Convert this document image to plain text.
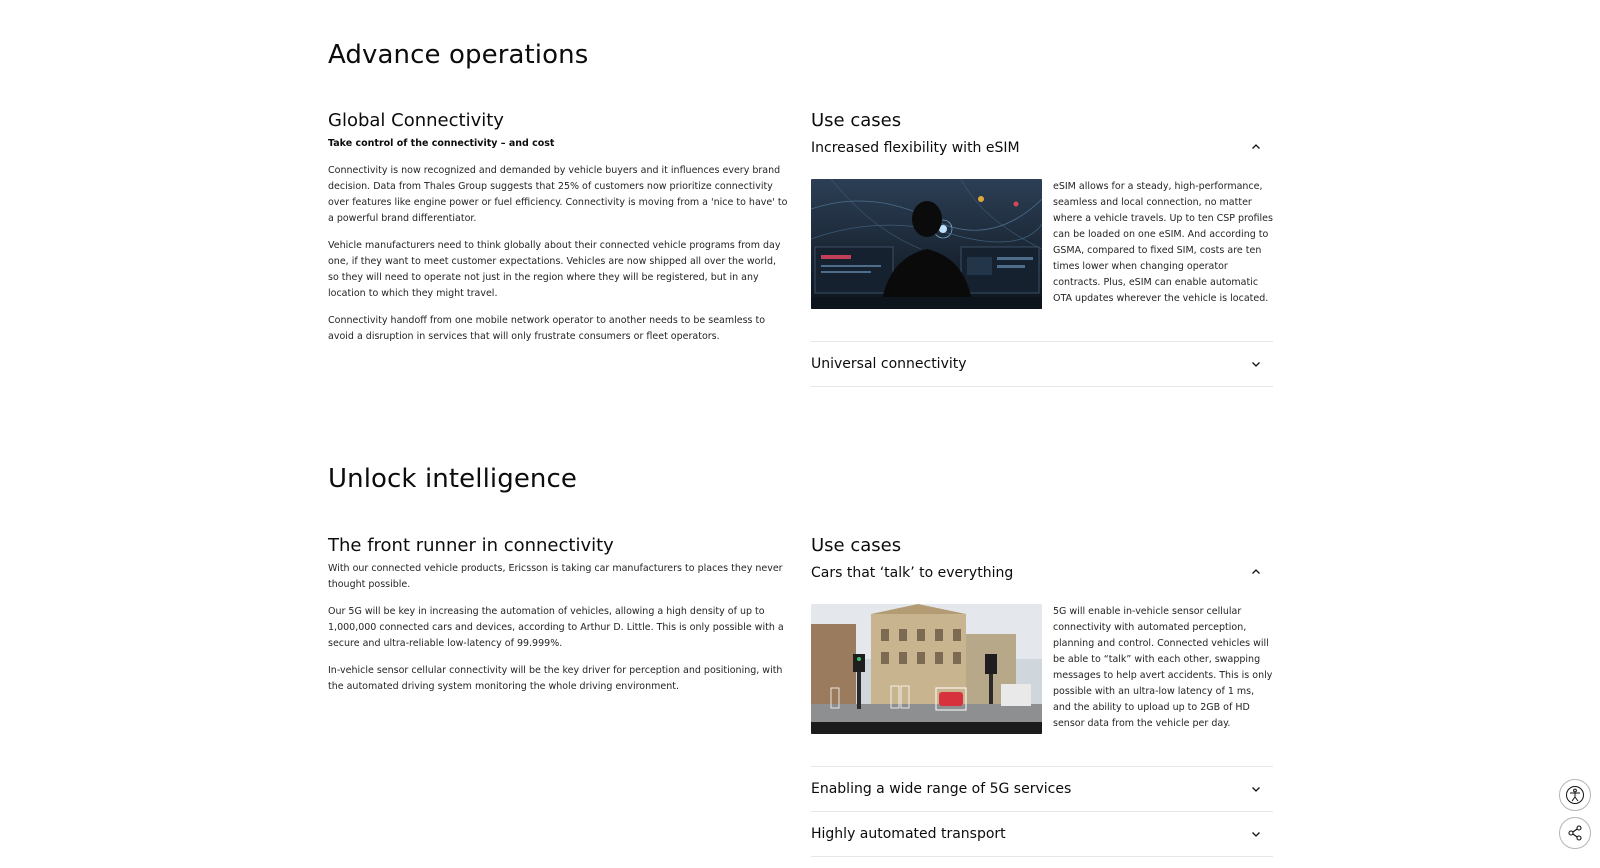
Advance operations
Global Connectivity

Take control of the connectivity – and cost

Connectivity is now recognized and demanded by vehicle buyers and it influences every brand decision. Data from Thales Group suggests that 25% of customers now prioritize connectivity over features like engine power or fuel efficiency. Connectivity is moving from a 'nice to have' to a powerful brand differentiator.

Vehicle manufacturers need to think globally about their connected vehicle programs from day one, if they want to meet customer expectations. Vehicles are now shipped all over the world, so they will need to operate not just in the region where they will be registered, but in any location to which they might travel.

Connectivity handoff from one mobile network operator to another needs to be seamless to avoid a disruption in services that will only frustrate consumers or fleet operators.

Use cases
Increased flexibility with eSIM

eSIM allows for a steady, high-performance, seamless and local connection, no matter where a vehicle travels. Up to ten CSP profiles can be loaded on one eSIM. And according to GSMA, compared to fixed SIM, costs are ten times lower when changing operator contracts. Plus, eSIM can enable automatic OTA updates wherever the vehicle is located.

Universal connectivity
Unlock intelligence
The front runner in connectivity

With our connected vehicle products, Ericsson is taking car manufacturers to places they never thought possible.

Our 5G will be key in increasing the automation of vehicles, allowing a high density of up to 1,000,000 connected cars and devices, according to Arthur D. Little. This is only possible with a secure and ultra-reliable low-latency of 99.999%.

In-vehicle sensor cellular connectivity will be the key driver for perception and positioning, with the automated driving system monitoring the whole driving environment.

Use cases
Cars that ‘talk’ to everything

5G will enable in-vehicle sensor cellular connectivity with automated perception, planning and control. Connected vehicles will be able to “talk” with each other, swapping messages to help avert accidents. This is only possible with an ultra-low latency of 1 ms, and the ability to upload up to 2GB of HD sensor data from the vehicle per day.

Enabling a wide range of 5G services
Highly automated transport
